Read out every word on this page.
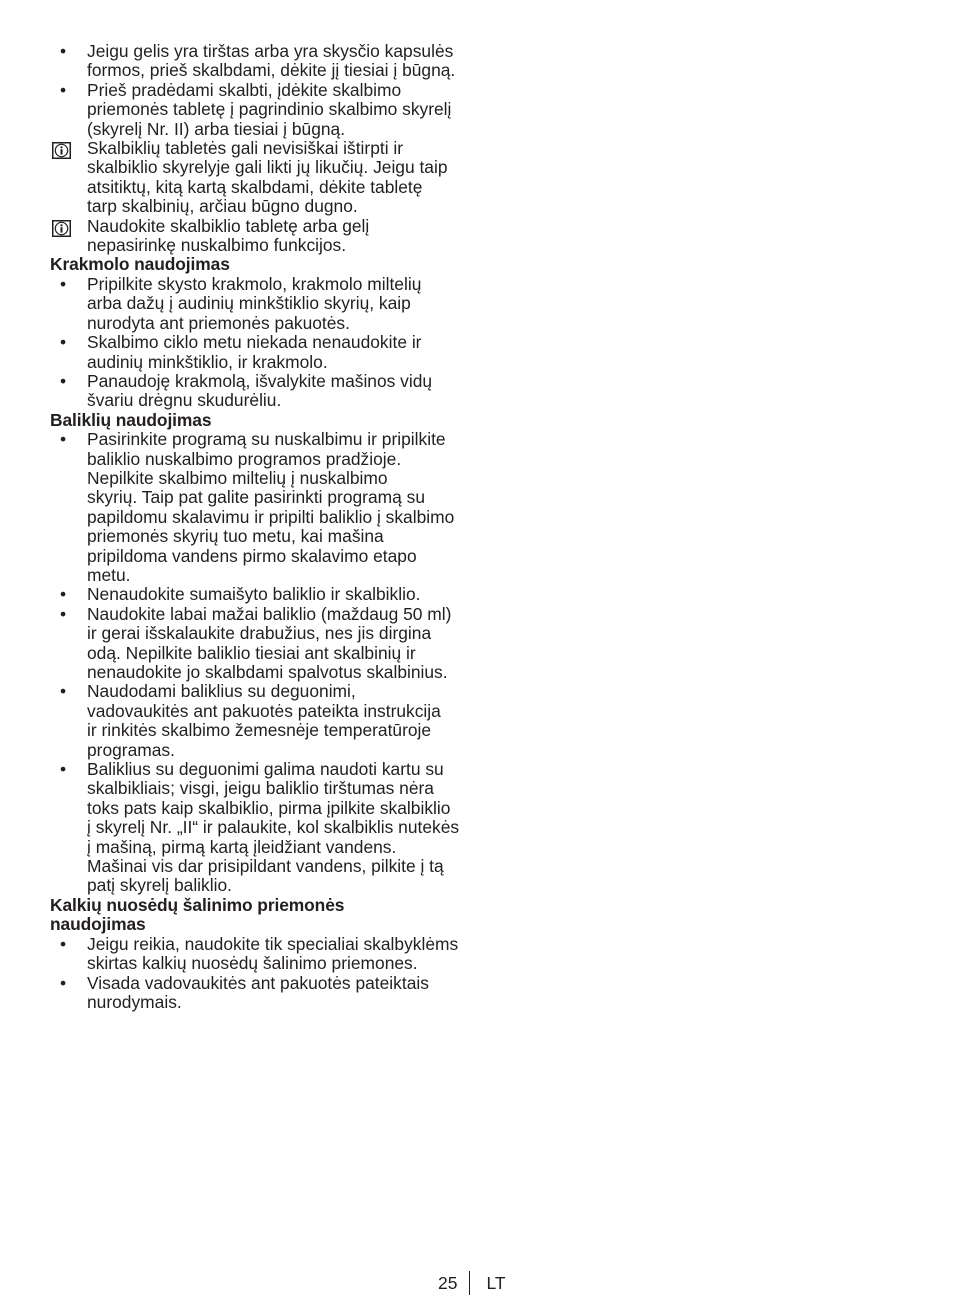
• Jeigu gelis yra tirštas arba yra skysčio kapsulės
formos, prieš skalbdami, dėkite jį tiesiai į būgną.
• Prieš pradėdami skalbti, įdėkite skalbimo
priemonės tabletę į pagrindinio skalbimo skyrelį
(skyrelį Nr. II) arba tiesiai į būgną.
Skalbiklių tabletės gali nevisiškai ištirpti ir
skalbiklio skyrelyje gali likti jų likučių. Jeigu taip
atsitiktų, kitą kartą skalbdami, dėkite tabletę
tarp skalbinių, arčiau būgno dugno.
Naudokite skalbiklio tabletę arba gelį
nepasirinkę nuskalbimo funkcijos.
Krakmolo naudojimas
• Pripilkite skysto krakmolo, krakmolo miltelių
arba dažų į audinių minkštiklio skyrių, kaip
nurodyta ant priemonės pakuotės.
• Skalbimo ciklo metu niekada nenaudokite ir
audinių minkštiklio, ir krakmolo.
• Panaudoję krakmolą, išvalykite mašinos vidų
švariu drėgnu skudurėliu.
Baliklių naudojimas
• Pasirinkite programą su nuskalbimu ir pripilkite
baliklio nuskalbimo programos pradžioje.
Nepilkite skalbimo miltelių į nuskalbimo
skyrių. Taip pat galite pasirinkti programą su
papildomu skalavimu ir pripilti baliklio į skalbimo
priemonės skyrių tuo metu, kai mašina
pripildoma vandens pirmo skalavimo etapo
metu.
• Nenaudokite sumaišyto baliklio ir skalbiklio.
• Naudokite labai mažai baliklio (maždaug 50 ml)
ir gerai išskalaukite drabužius, nes jis dirgina
odą. Nepilkite baliklio tiesiai ant skalbinių ir
nenaudokite jo skalbdami spalvotus skalbinius.
• Naudodami baliklius su deguonimi,
vadovaukitės ant pakuotės pateikta instrukcija
ir rinkitės skalbimo žemesnėje temperatūroje
programas.
• Baliklius su deguonimi galima naudoti kartu su
skalbikliais; visgi, jeigu baliklio tirštumas nėra
toks pats kaip skalbiklio, pirma įpilkite skalbiklio
į skyrelį Nr. „II“ ir palaukite, kol skalbiklis nutekės
į mašiną, pirmą kartą įleidžiant vandens.
Mašinai vis dar prisipildant vandens, pilkite į tą
patį skyrelį baliklio.
Kalkių nuosėdų šalinimo priemonės
naudojimas
• Jeigu reikia, naudokite tik specialiai skalbyklėms
skirtas kalkių nuosėdų šalinimo priemones.
• Visada vadovaukitės ant pakuotės pateiktais
nurodymais.
25	LT
